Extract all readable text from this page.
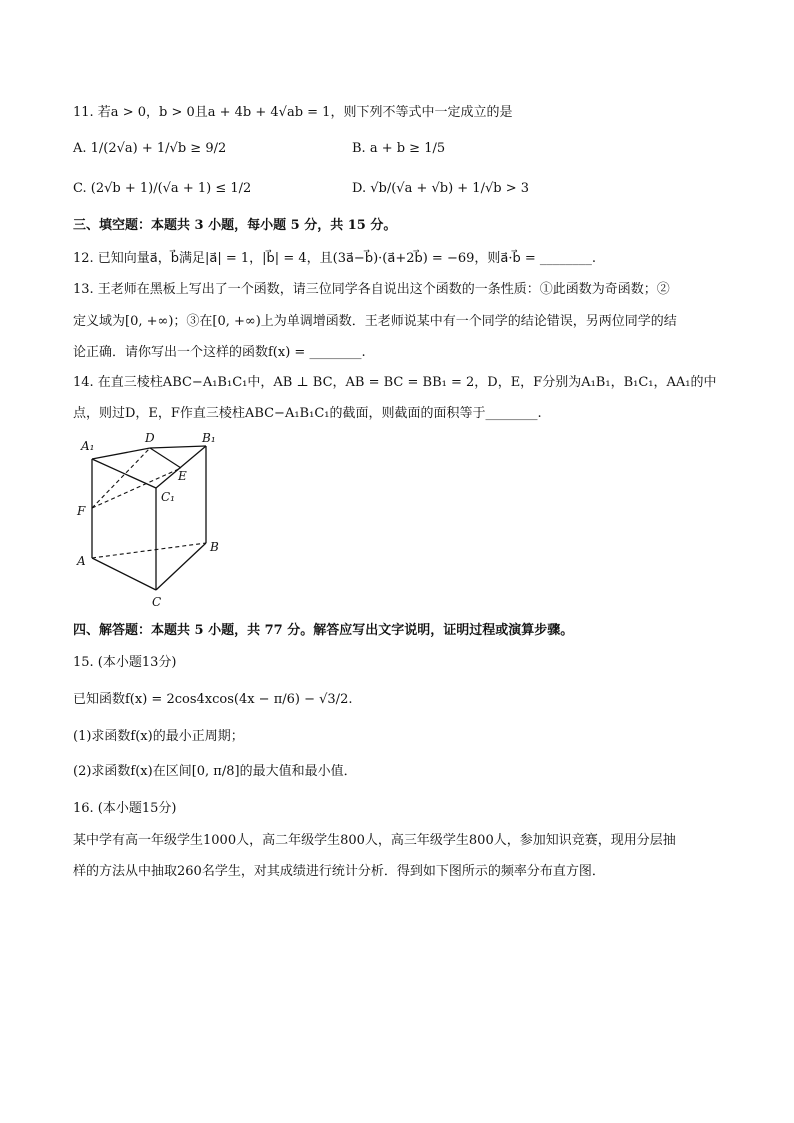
11. 若a > 0，b > 0且a + 4b + 4√ab = 1，则下列不等式中一定成立的是
A. 1/(2√a) + 1/√b ≥ 9/2	B. a + b ≥ 1/5
C. (2√b + 1)/(√a + 1) ≤ 1/2	D. √b/(√a + √b) + 1/√b > 3
三、填空题：本题共 3 小题，每小题 5 分，共 15 分。
12. 已知向量a⃗，b⃗满足|a⃗| = 1，|b⃗| = 4，且(3a⃗−b⃗)·(a⃗+2b⃗) = −69，则a⃗·b⃗ = ________.
13. 王老师在黑板上写出了一个函数，请三位同学各自说出这个函数的一条性质：①此函数为奇函数；②
定义域为[0, +∞)；③在[0, +∞)上为单调增函数．王老师说某中有一个同学的结论错误，另两位同学的结
论正确．请你写出一个这样的函数f(x) = ________.
14. 在直三棱柱ABC−A₁B₁C₁中，AB ⊥ BC，AB = BC = BB₁ = 2，D，E，F分别为A₁B₁，B₁C₁，AA₁的中
点，则过D，E，F作直三棱柱ABC−A₁B₁C₁的截面，则截面的面积等于________.
A₁
D	B₁
E
C₁
F
A
B
C
四、解答题：本题共 5 小题，共 77 分。解答应写出文字说明，证明过程或演算步骤。
15. (本小题13分)
已知函数f(x) = 2cos4xcos(4x − π/6) − √3/2.
(1)求函数f(x)的最小正周期；
(2)求函数f(x)在区间[0, π/8]的最大值和最小值．
16. (本小题15分)
某中学有高一年级学生1000人，高二年级学生800人，高三年级学生800人，参加知识竞赛，现用分层抽
样的方法从中抽取260名学生，对其成绩进行统计分析．得到如下图所示的频率分布直方图．
